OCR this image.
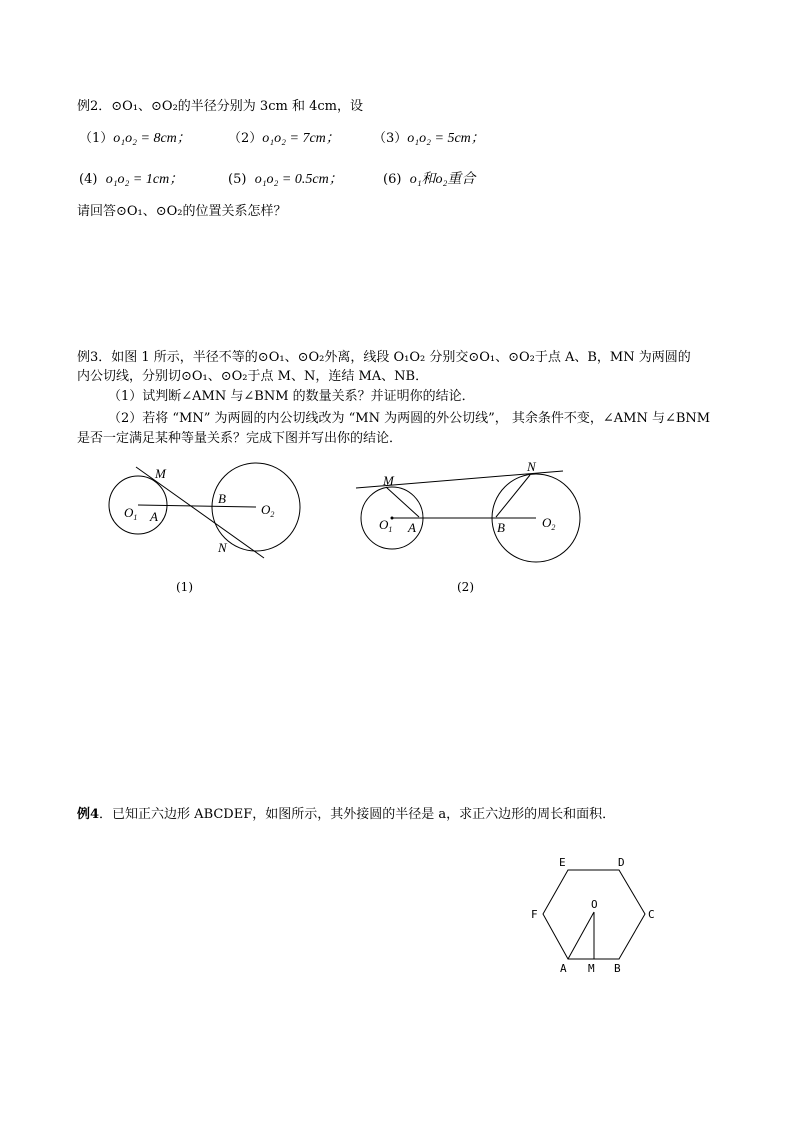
例2．⊙O₁、⊙O₂的半径分别为 3cm 和 4cm，设
（1）o₁o₂ = 8cm；	（2）o₁o₂ = 7cm；	（3）o₁o₂ = 5cm；
(4) o₁o₂ = 1cm；	(5) o₁o₂ = 0.5cm；	(6) o₁和o₂重合
请回答⊙O₁、⊙O₂的位置关系怎样？
例3．如图 1 所示，半径不等的⊙O₁、⊙O₂外离，线段 O₁O₂ 分别交⊙O₁、⊙O₂于点 A、B，MN 为两圆的
内公切线，分别切⊙O₁、⊙O₂于点 M、N，连结 MA、NB．
（1）试判断∠AMN 与∠BNM 的数量关系？并证明你的结论．
（2）若将 “MN” 为两圆的内公切线改为 “MN 为两圆的外公切线”， 其余条件不变，∠AMN 与∠BNM
是否一定满足某种等量关系？完成下图并写出你的结论．
M
N
A
B
$O_1$
$O_2$
(1)
M
N
A	B
$O_1$	$O_2$
(2)
例4．已知正六边形 ABCDEF，如图所示，其外接圆的半径是 a，求正六边形的周长和面积．
E	D
C
F
A	B
O
M
